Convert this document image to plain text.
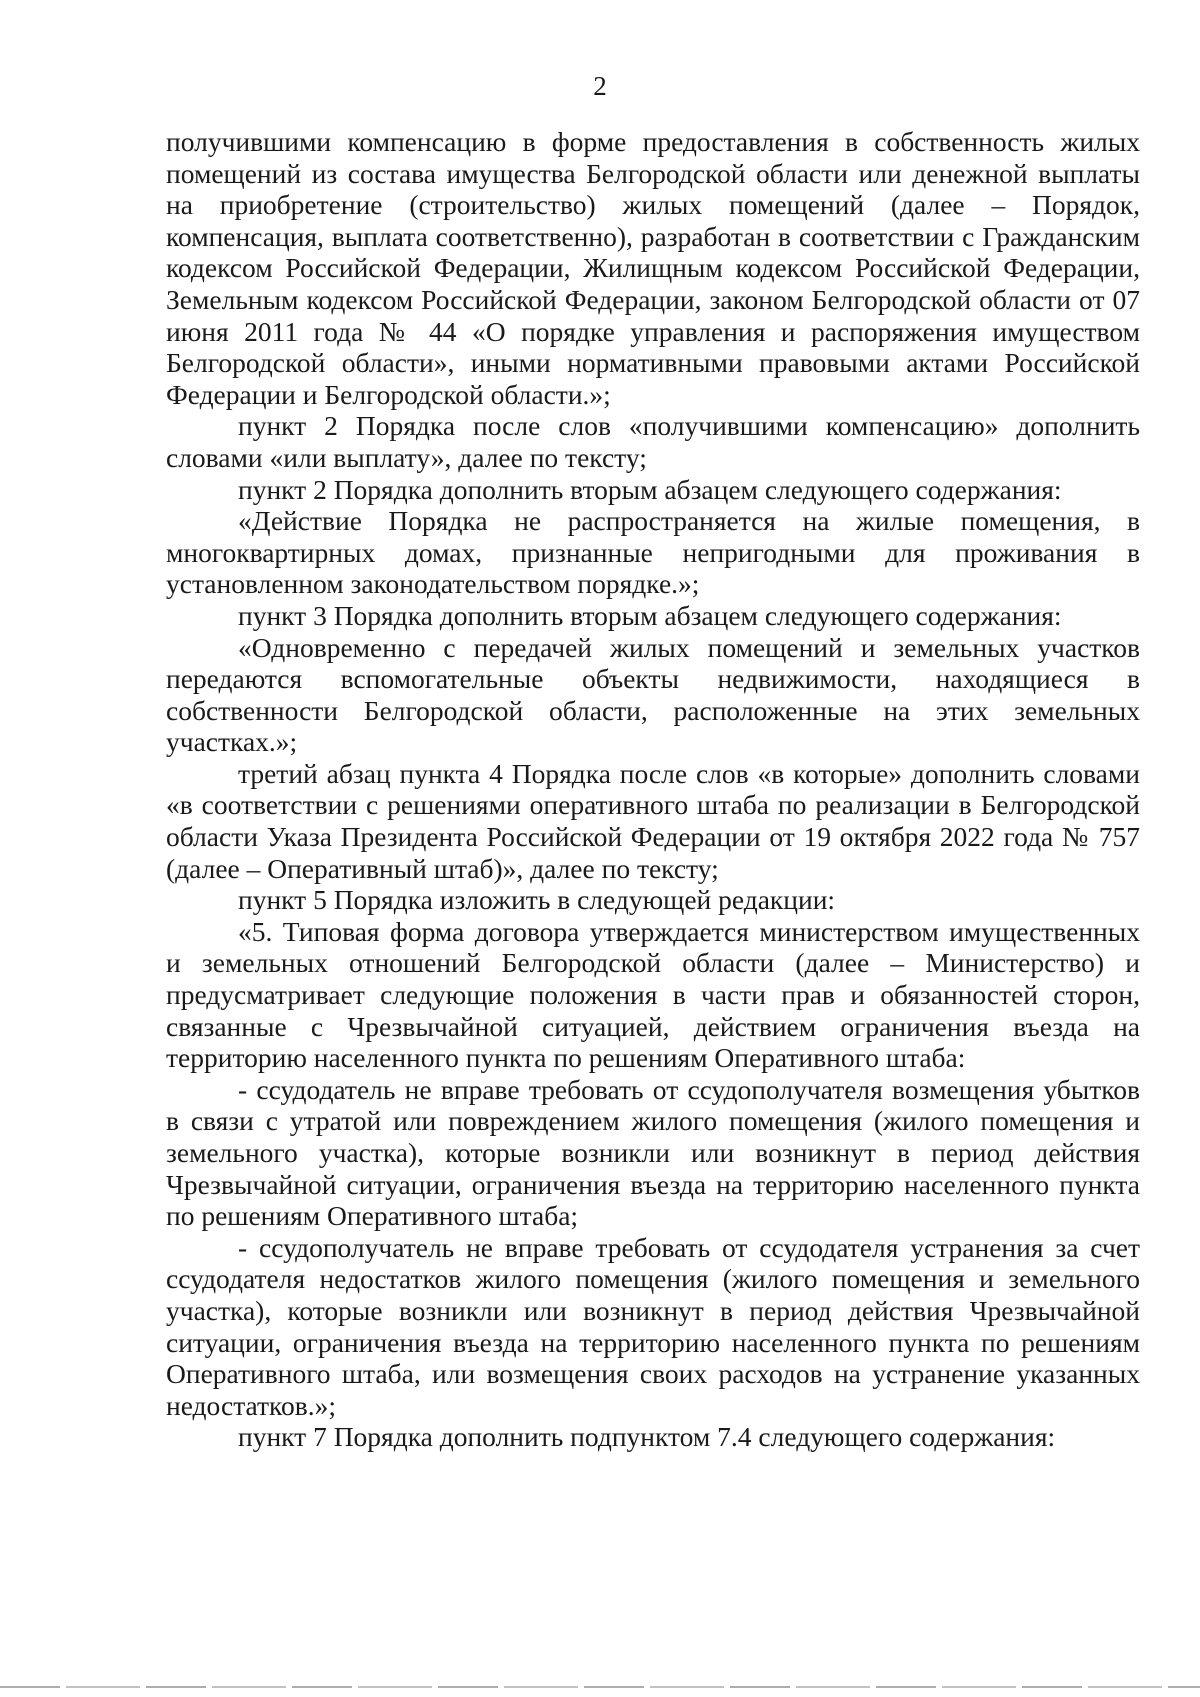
2

получившими компенсацию в форме предоставления в собственность жилых помещений из состава имущества Белгородской области или денежной выплаты на приобретение (строительство) жилых помещений (далее – Порядок, компенсация, выплата соответственно), разработан в соответствии с Гражданским кодексом Российской Федерации, Жилищным кодексом Российской Федерации, Земельным кодексом Российской Федерации, законом Белгородской области от 07 июня 2011 года № 44 «О порядке управления и распоряжения имуществом Белгородской области», иными нормативными правовыми актами Российской Федерации и Белгородской области.»;

пункт 2 Порядка после слов «получившими компенсацию» дополнить словами «или выплату», далее по тексту;

пункт 2 Порядка дополнить вторым абзацем следующего содержания:

«Действие Порядка не распространяется на жилые помещения, в многоквартирных домах, признанные непригодными для проживания в установленном законодательством порядке.»;

пункт 3 Порядка дополнить вторым абзацем следующего содержания:

«Одновременно с передачей жилых помещений и земельных участков передаются вспомогательные объекты недвижимости, находящиеся в собственности Белгородской области, расположенные на этих земельных участках.»;

третий абзац пункта 4 Порядка после слов «в которые» дополнить словами «в соответствии с решениями оперативного штаба по реализации в Белгородской области Указа Президента Российской Федерации от 19 октября 2022 года № 757 (далее – Оперативный штаб)», далее по тексту;

пункт 5 Порядка изложить в следующей редакции:

«5. Типовая форма договора утверждается министерством имущественных и земельных отношений Белгородской области (далее – Министерство) и предусматривает следующие положения в части прав и обязанностей сторон, связанные с Чрезвычайной ситуацией, действием ограничения въезда на территорию населенного пункта по решениям Оперативного штаба:

- ссудодатель не вправе требовать от ссудополучателя возмещения убытков в связи с утратой или повреждением жилого помещения (жилого помещения и земельного участка), которые возникли или возникнут в период действия Чрезвычайной ситуации, ограничения въезда на территорию населенного пункта по решениям Оперативного штаба;

- ссудополучатель не вправе требовать от ссудодателя устранения за счет ссудодателя недостатков жилого помещения (жилого помещения и земельного участка), которые возникли или возникнут в период действия Чрезвычайной ситуации, ограничения въезда на территорию населенного пункта по решениям Оперативного штаба, или возмещения своих расходов на устранение указанных недостатков.»;

пункт 7 Порядка дополнить подпунктом 7.4 следующего содержания:
